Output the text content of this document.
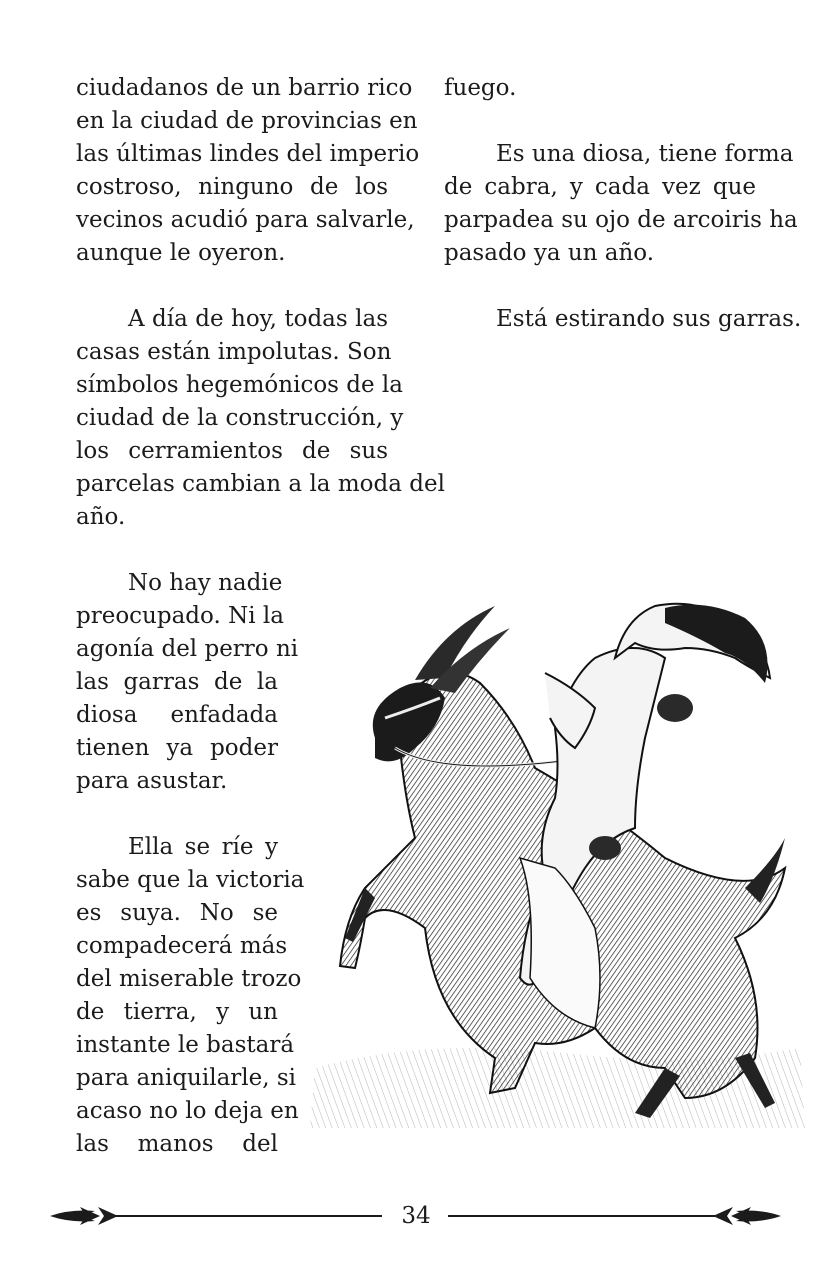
ciudadanos de un barrio rico
en la ciudad de provincias en
las últimas lindes del imperio
costroso, ninguno de los
vecinos acudió para salvarle,
aunque le oyeron.
A día de hoy, todas las
casas están impolutas. Son
símbolos hegemónicos de la
ciudad de la construcción, y
los cerramientos de sus
parcelas cambian a la moda del
año.
No hay nadie
preocupado. Ni la
agonía del perro ni
las garras de la
diosa enfadada
tienen ya poder
para asustar.
Ella se ríe y
sabe que la victoria
es suya. No se
compadecerá más
del miserable trozo
de tierra, y un
instante le bastará
para aniquilarle, si
acaso no lo deja en
las manos del
fuego.
Es una diosa, tiene forma
de cabra, y cada vez que
parpadea su ojo de arcoiris ha
pasado ya un año.
Está estirando sus garras.
34
